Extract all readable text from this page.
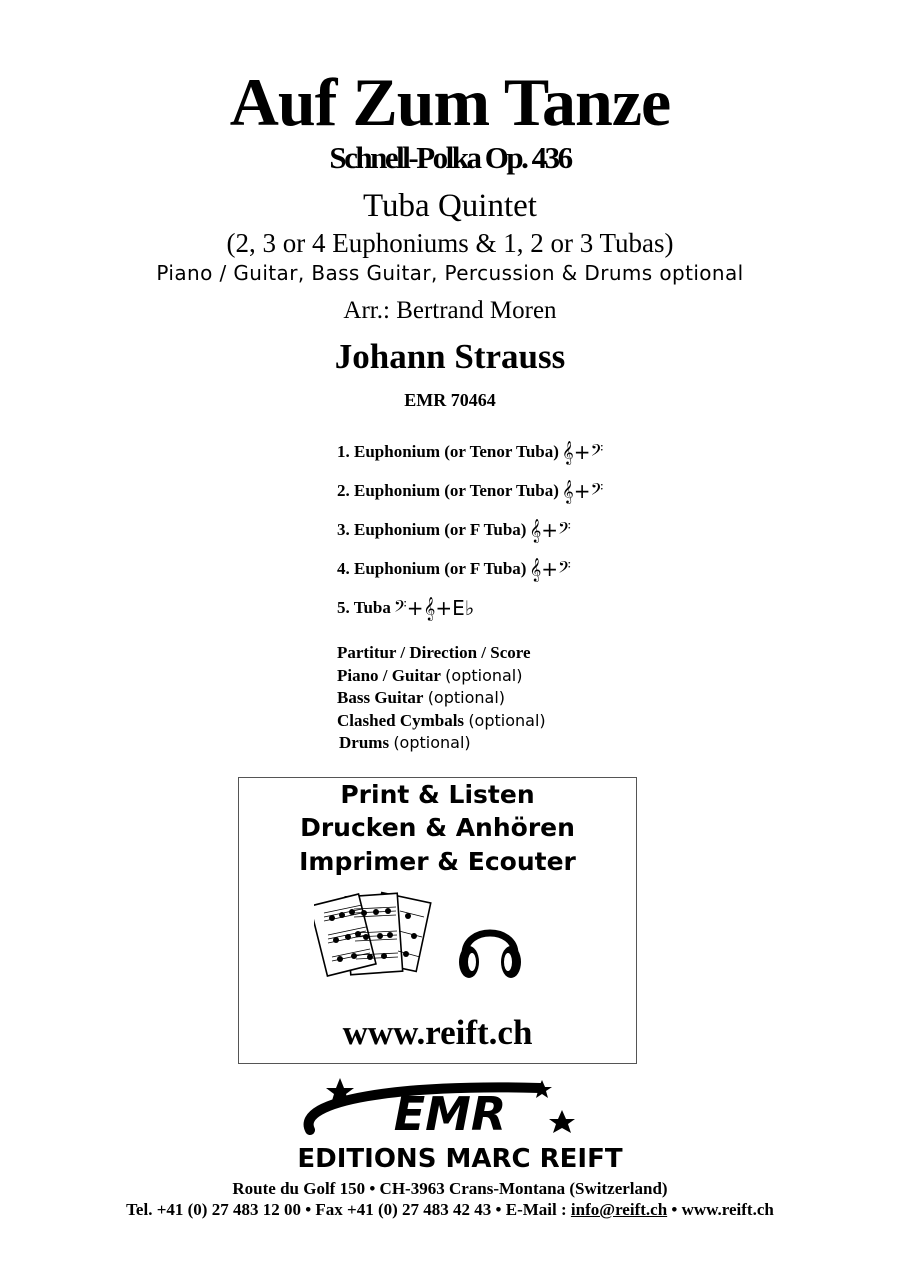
Auf Zum Tanze
Schnell-Polka Op. 436
Tuba Quintet
(2, 3 or 4 Euphoniums & 1, 2 or 3 Tubas)
Piano / Guitar, Bass Guitar, Percussion & Drums optional
Arr.: Bertrand Moren
Johann Strauss
EMR 70464
1. Euphonium (or Tenor Tuba) 𝄞+𝄢
2. Euphonium (or Tenor Tuba) 𝄞+𝄢
3. Euphonium (or F Tuba) 𝄞+𝄢
4. Euphonium (or F Tuba) 𝄞+𝄢
5. Tuba 𝄢+𝄞+E♭
Partitur / Direction / Score
Piano / Guitar (optional)
Bass Guitar (optional)
Clashed Cymbals (optional)
Drums (optional)
Print & Listen
Drucken & Anhören
Imprimer & Ecouter
www.reift.ch
EMR
EDITIONS MARC REIFT
Route du Golf 150 • CH-3963 Crans-Montana (Switzerland)
Tel. +41 (0) 27 483 12 00 • Fax +41 (0) 27 483 42 43 • E-Mail : info@reift.ch • www.reift.ch
